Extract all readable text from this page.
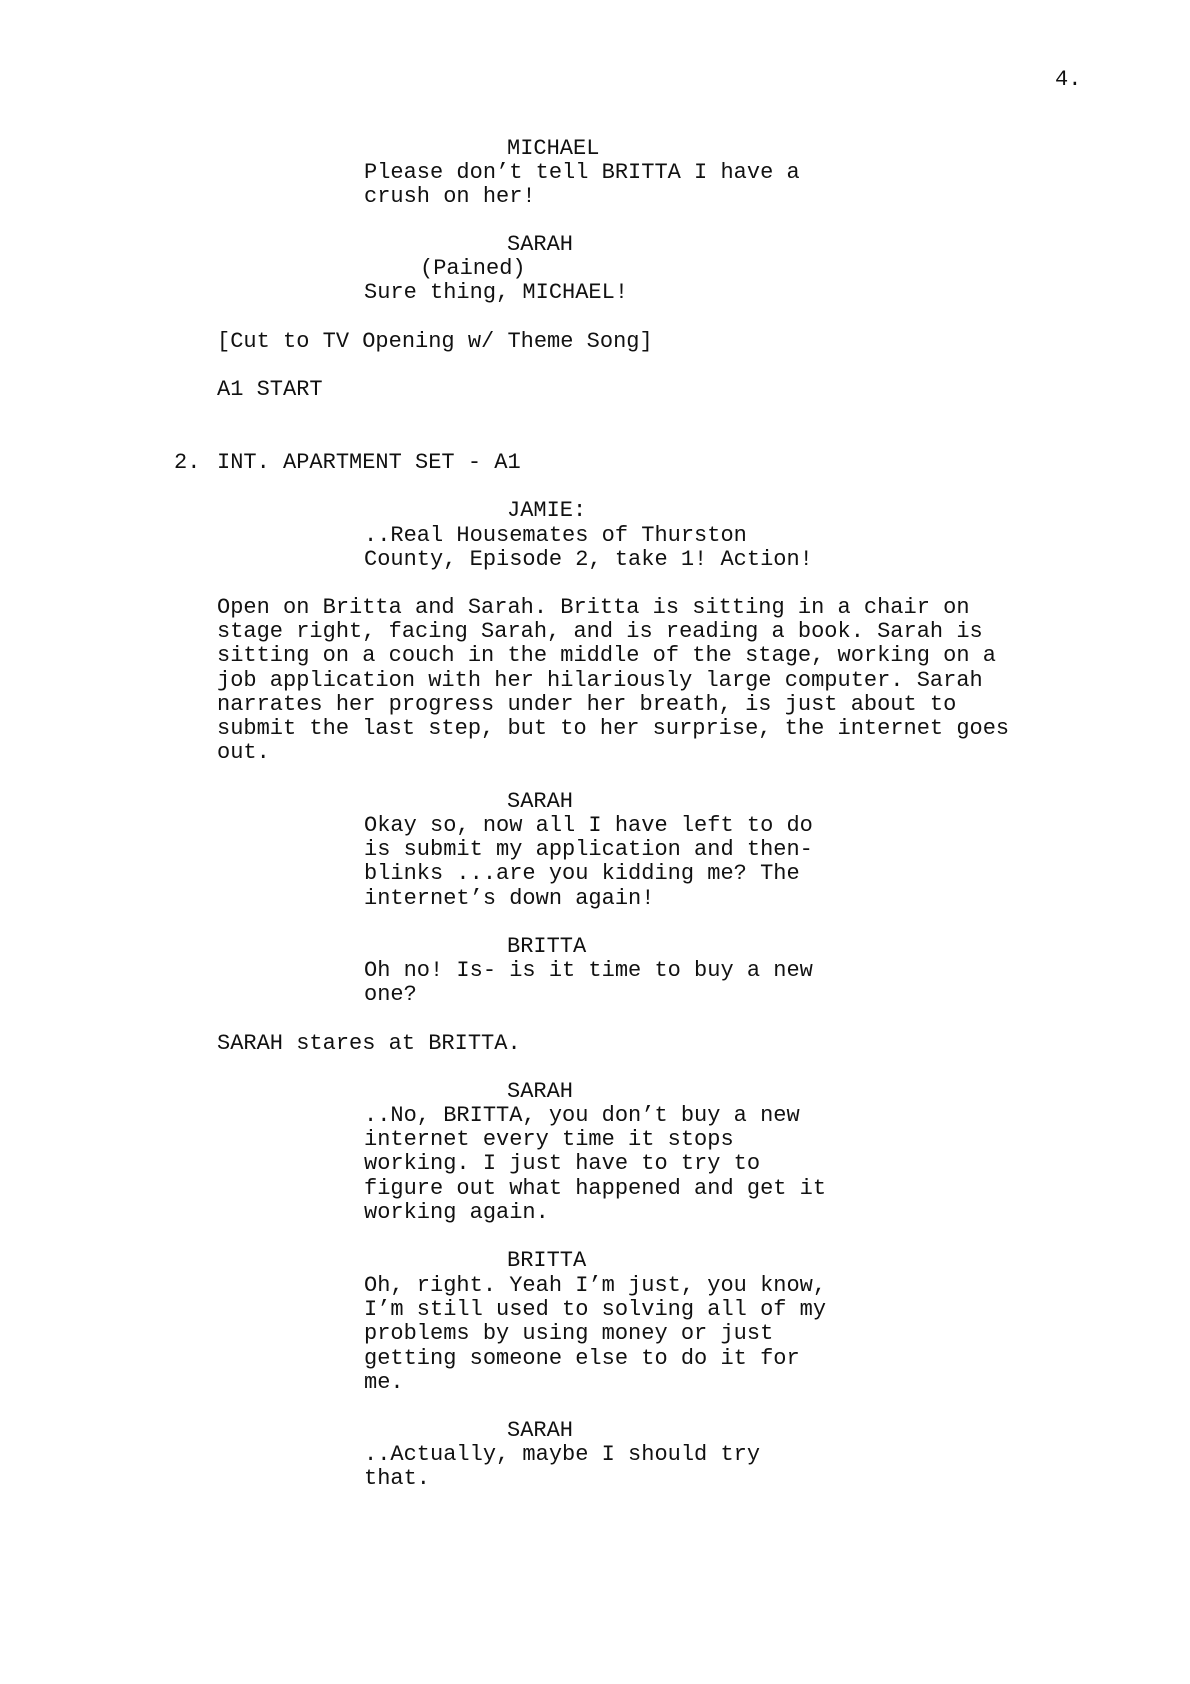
4.
MICHAEL
Please don’t tell BRITTA I have a
crush on her!
SARAH
(Pained)
Sure thing, MICHAEL!
[Cut to TV Opening w/ Theme Song]
A1 START
2. INT. APARTMENT SET - A1
JAMIE:
..Real Housemates of Thurston
County, Episode 2, take 1! Action!
Open on Britta and Sarah. Britta is sitting in a chair on
stage right, facing Sarah, and is reading a book. Sarah is
sitting on a couch in the middle of the stage, working on a
job application with her hilariously large computer. Sarah
narrates her progress under her breath, is just about to
submit the last step, but to her surprise, the internet goes
out.
SARAH
Okay so, now all I have left to do
is submit my application and then-
blinks ...are you kidding me? The
internet’s down again!
BRITTA
Oh no! Is- is it time to buy a new
one?
SARAH stares at BRITTA.
SARAH
..No, BRITTA, you don’t buy a new
internet every time it stops
working. I just have to try to
figure out what happened and get it
working again.
BRITTA
Oh, right. Yeah I’m just, you know,
I’m still used to solving all of my
problems by using money or just
getting someone else to do it for
me.
SARAH
..Actually, maybe I should try
that.
